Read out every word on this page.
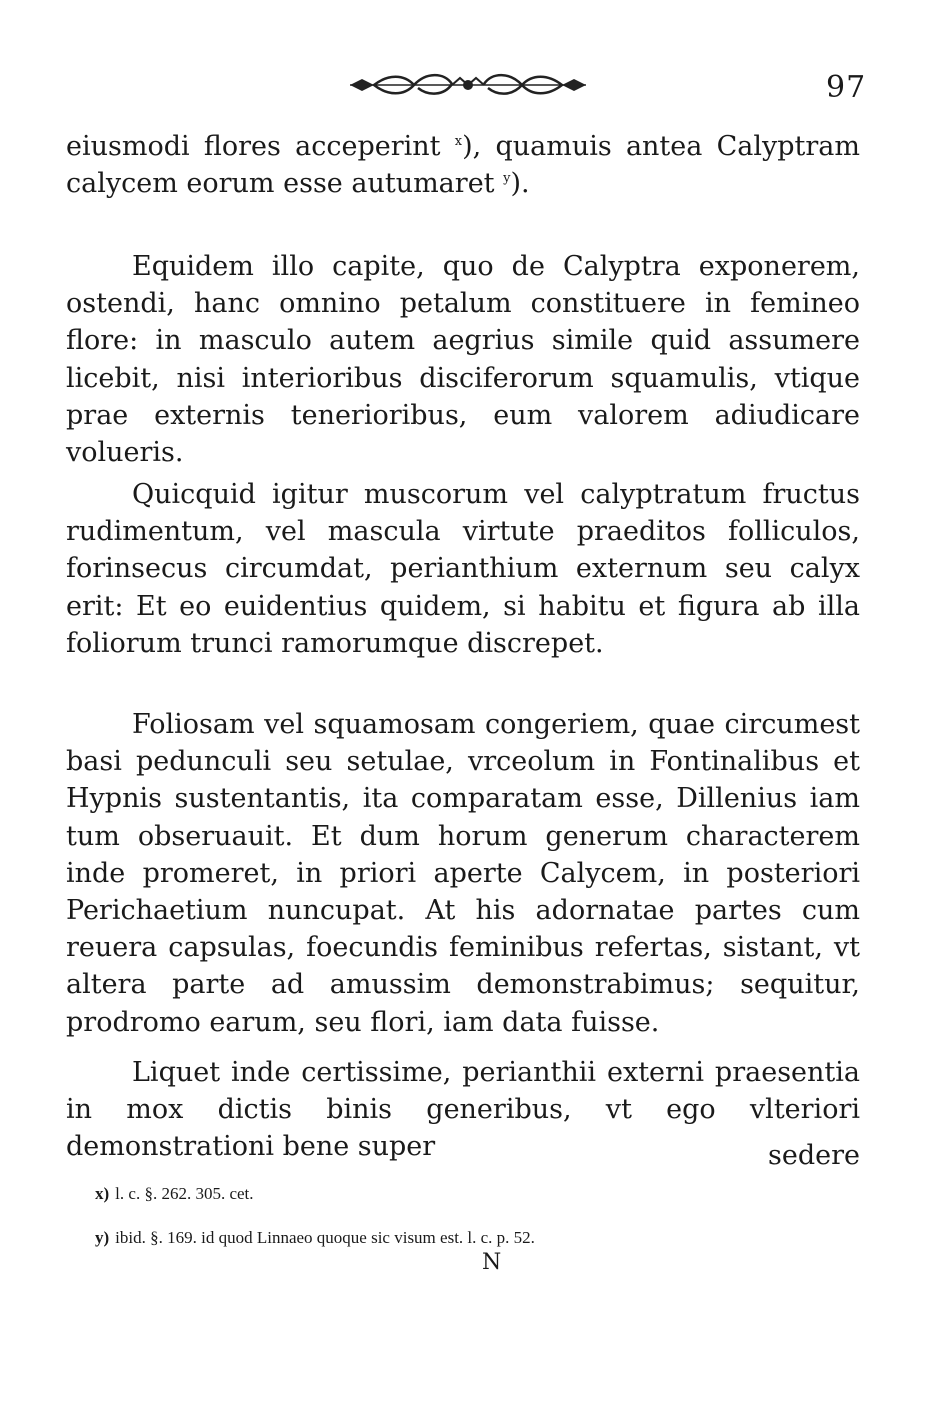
97

eiusmodi flores acceperint $^x$), quamuis antea Calyptram calycem eorum esse autumaret $^y$).

Equidem illo capite, quo de Calyptra exponerem, ostendi, hanc omnino petalum constituere in femineo flore: in masculo autem aegrius simile quid assumere licebit, nisi interioribus disciferorum squamulis, vtique prae externis tenerioribus, eum valorem adiudicare volueris.

Quicquid igitur muscorum vel calyptratum fructus rudimentum, vel mascula virtute praeditos folliculos, forinsecus circumdat, perianthium externum seu calyx erit: Et eo euidentius quidem, si habitu et figura ab illa foliorum trunci ramorumque discrepet.

Foliosam vel squamosam congeriem, quae circumest basi pedunculi seu setulae, vrceolum in Fontinalibus et Hypnis sustentantis, ita comparatam esse, Dillenius iam tum obseruauit. Et dum horum generum characterem inde promeret, in priori aperte Calycem, in posteriori Perichaetium nuncupat. At his adornatae partes cum reuera capsulas, foecundis feminibus refertas, sistant, vt altera parte ad amussim demonstrabimus; sequitur, prodromo earum, seu flori, iam data fuisse.

Liquet inde certissime, perianthii externi praesentia in mox dictis binis generibus, vt ego vlteriori demonstrationi bene super	sedere

x) l. c. §. 262. 305. cet.

y) ibid. §. 169. id quod Linnaeo quoque sic visum est. l. c. p. 52.

N
